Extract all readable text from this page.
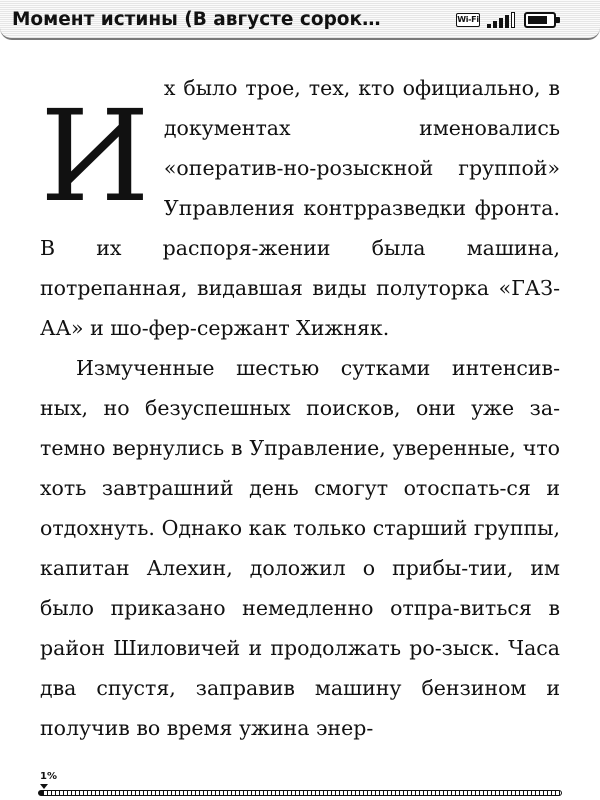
Момент истины (В августе сорок…	Wi-Fi

И х было трое, тех, кто официально, в документах именовались «оператив-но-розыскной группой» Управления контрразведки фронта. В их распоря-жении была машина, потрепанная, видавшая виды полуторка «ГАЗ-АА» и шо-фер-сержант Хижняк.

Измученные шестью сутками интенсив-ных, но безуспешных поисков, они уже за-темно вернулись в Управление, уверенные, что хоть завтрашний день смогут отоспать-ся и отдохнуть. Однако как только старший группы, капитан Алехин, доложил о прибы-тии, им было приказано немедленно отпра-виться в район Шиловичей и продолжать ро-зыск. Часа два спустя, заправив машину бензином и получив во время ужина энер-

1%
